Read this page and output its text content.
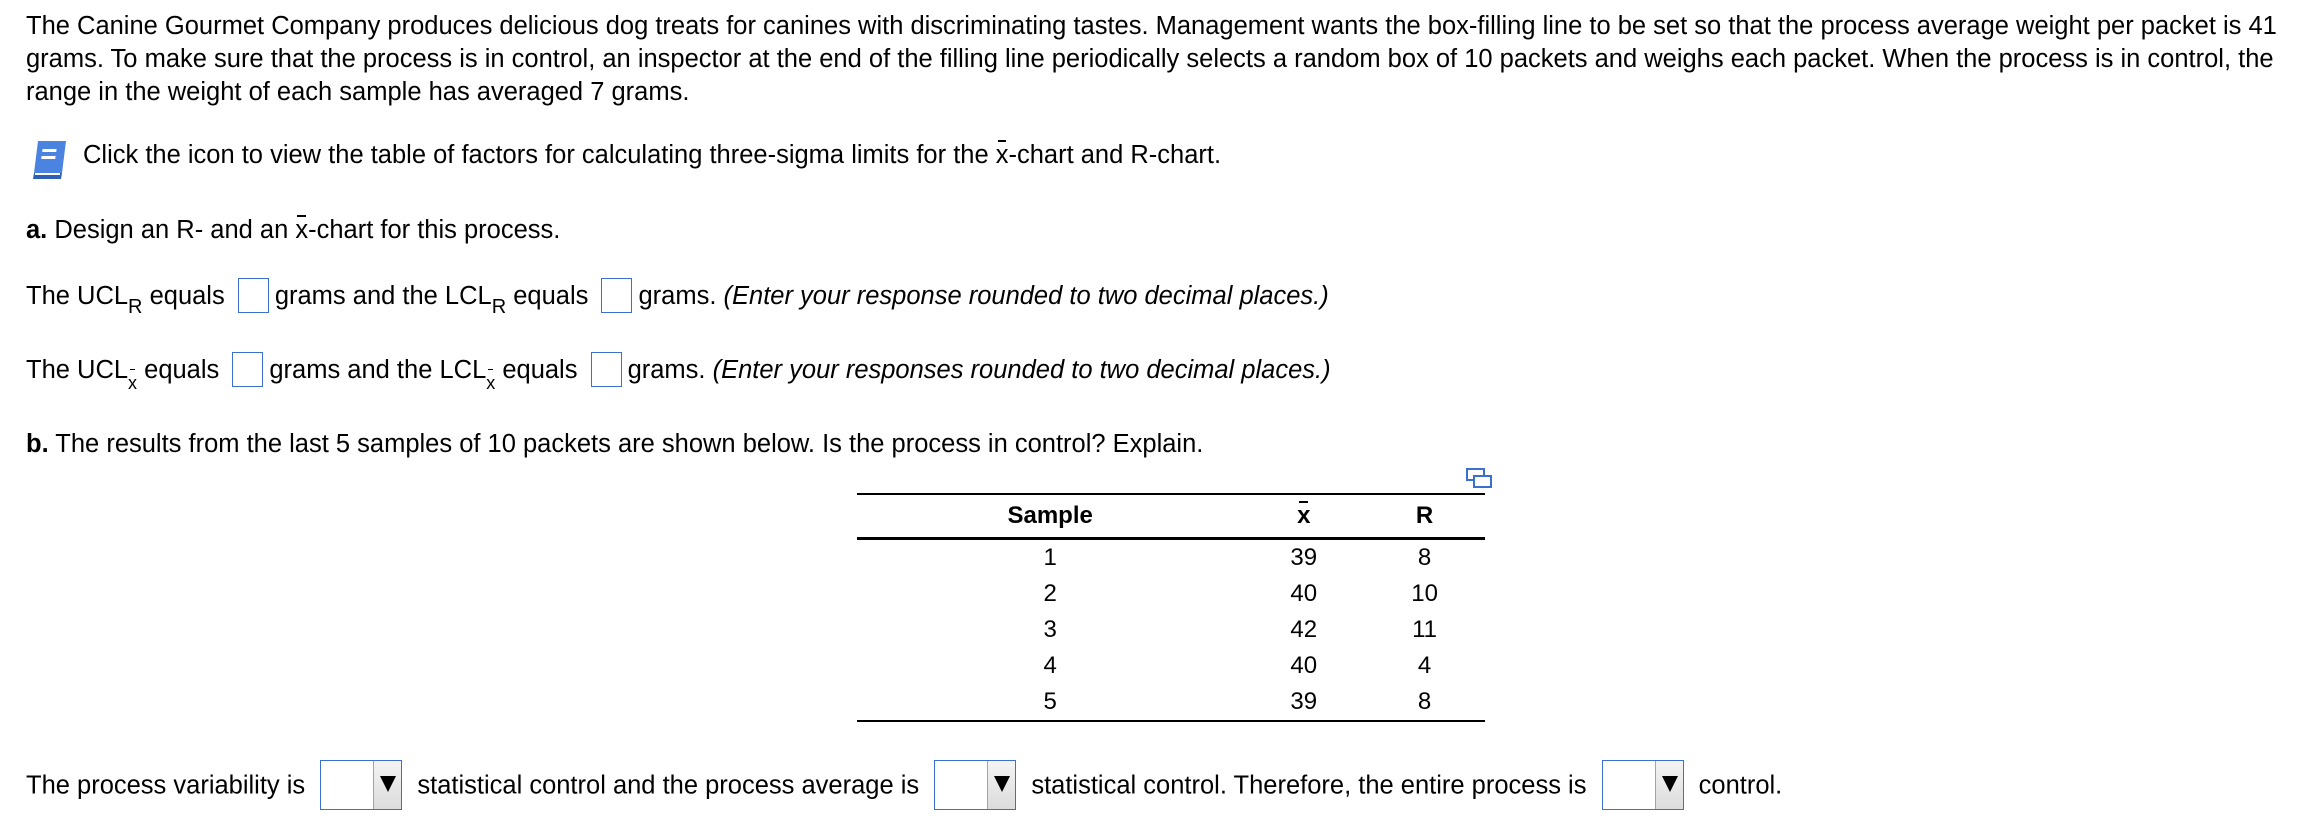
The Canine Gourmet Company produces delicious dog treats for canines with discriminating tastes. Management wants the box-filling line to be set so that the process average weight per packet is 41 grams. To make sure that the process is in control, an inspector at the end of the filling line periodically selects a random box of 10 packets and weighs each packet. When the process is in control, the range in the weight of each sample has averaged 7 grams.
Click the icon to view the table of factors for calculating three-sigma limits for the x-chart and R-chart.
a. Design an R- and an x-chart for this process.
The $UCL_R$ equals grams and the $LCL_R$ equals grams. (Enter your response rounded to two decimal places.)
The UCLx equals grams and the LCLx equals grams. (Enter your responses rounded to two decimal places.)
b. The results from the last 5 samples of 10 packets are shown below. Is the process in control? Explain.
Sample	x	R
1	39	8
2	40	10
3	42	11
4	40	4
5	39	8
The process variability is	statistical control and the process average is	statistical control. Therefore, the entire process is	control.
